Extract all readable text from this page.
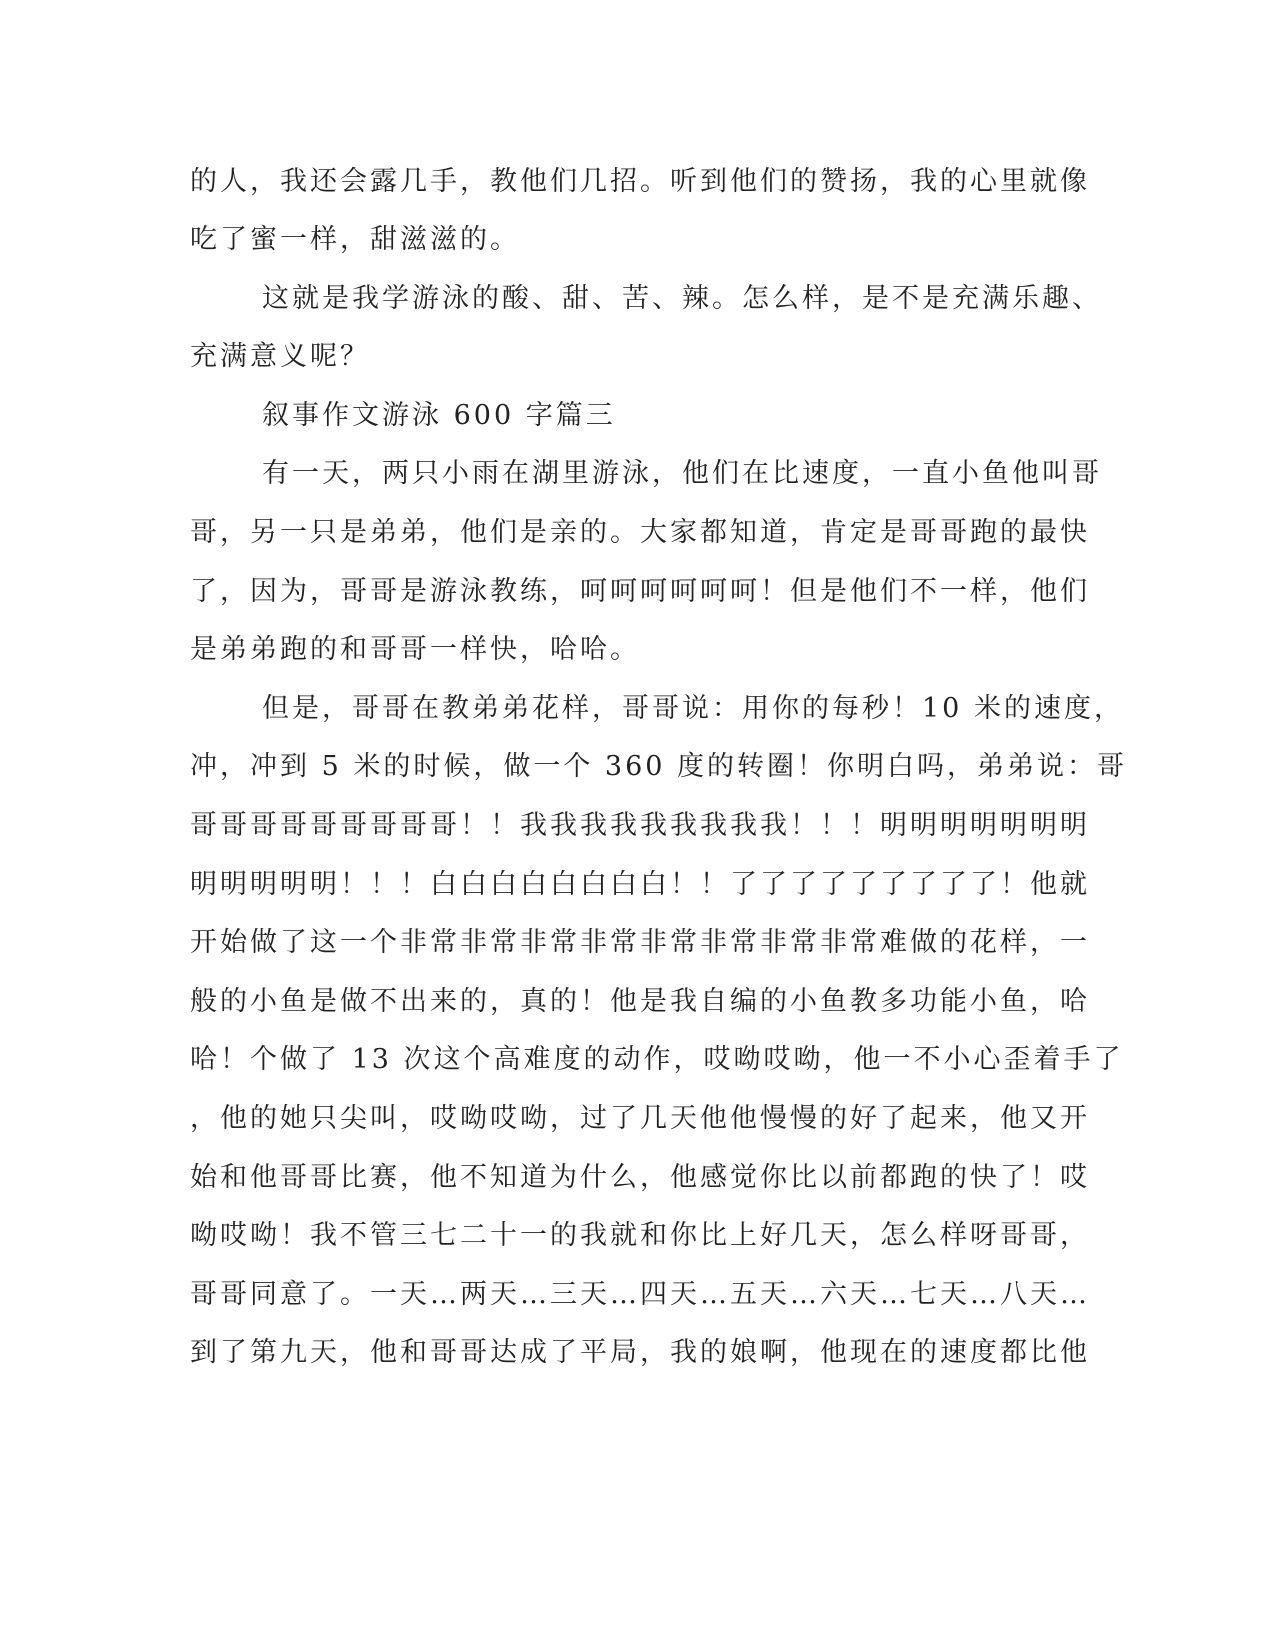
的人，我还会露几手，教他们几招。听到他们的赞扬，我的心里就像
吃了蜜一样，甜滋滋的。
这就是我学游泳的酸、甜、苦、辣。怎么样，是不是充满乐趣、
充满意义呢？
叙事作文游泳 600 字篇三
有一天，两只小雨在湖里游泳，他们在比速度，一直小鱼他叫哥
哥，另一只是弟弟，他们是亲的。大家都知道，肯定是哥哥跑的最快
了，因为，哥哥是游泳教练，呵呵呵呵呵呵！但是他们不一样，他们
是弟弟跑的和哥哥一样快，哈哈。
但是，哥哥在教弟弟花样，哥哥说：用你的每秒！10 米的速度，
冲，冲到 5 米的时候，做一个 360 度的转圈！你明白吗，弟弟说：哥
哥哥哥哥哥哥哥哥哥！！我我我我我我我我我！！！明明明明明明明
明明明明明！！！白白白白白白白白！！了了了了了了了了了！他就
开始做了这一个非常非常非常非常非常非常非常非常难做的花样，一
般的小鱼是做不出来的，真的！他是我自编的小鱼教多功能小鱼，哈
哈！个做了 13 次这个高难度的动作，哎呦哎呦，他一不小心歪着手了
，他的她只尖叫，哎呦哎呦，过了几天他他慢慢的好了起来，他又开
始和他哥哥比赛，他不知道为什么，他感觉你比以前都跑的快了！哎
呦哎呦！我不管三七二十一的我就和你比上好几天，怎么样呀哥哥，
哥哥同意了。一天…两天…三天…四天…五天…六天…七天…八天…
到了第九天，他和哥哥达成了平局，我的娘啊，他现在的速度都比他
